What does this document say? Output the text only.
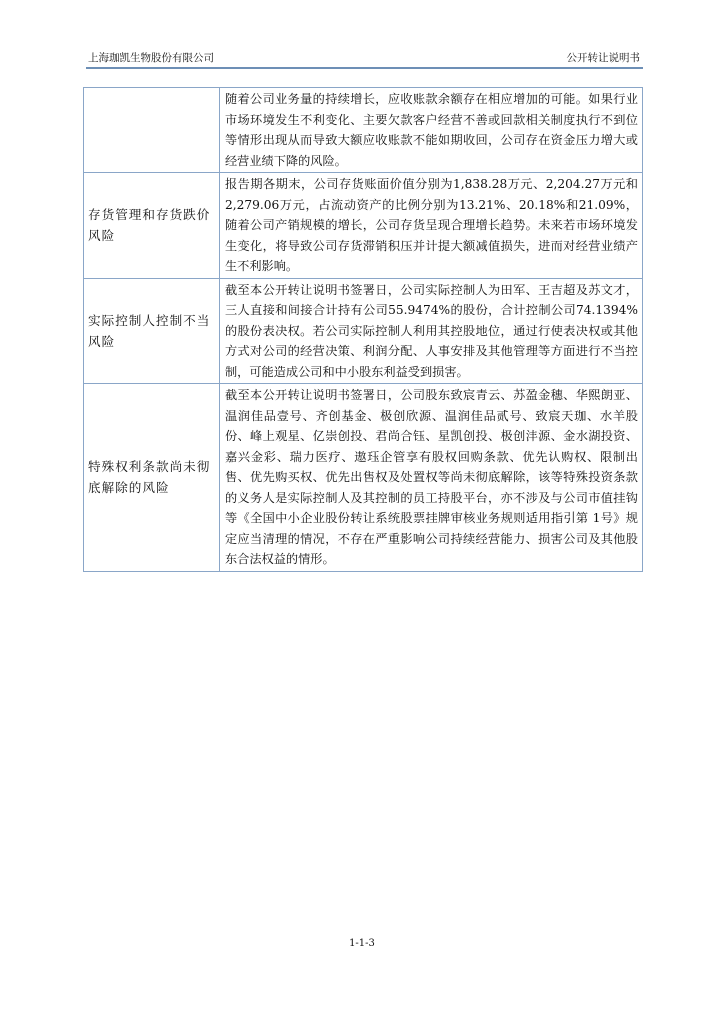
上海珈凯生物股份有限公司	公开转让说明书

	随着公司业务量的持续增长，应收账款余额存在相应增加的可能。如果行业市场环境发生不利变化、主要欠款客户经营不善或回款相关制度执行不到位等情形出现从而导致大额应收账款不能如期收回，公司存在资金压力增大或经营业绩下降的风险。

存货管理和存货跌价风险	报告期各期末，公司存货账面价值分别为1,838.28万元、2,204.27万元和2,279.06万元，占流动资产的比例分别为13.21%、20.18%和21.09%，随着公司产销规模的增长，公司存货呈现合理增长趋势。未来若市场环境发生变化，将导致公司存货滞销积压并计提大额减值损失，进而对经营业绩产生不利影响。

实际控制人控制不当风险	截至本公开转让说明书签署日，公司实际控制人为田军、王吉超及苏文才，三人直接和间接合计持有公司55.9474%的股份，合计控制公司74.1394%的股份表决权。若公司实际控制人利用其控股地位，通过行使表决权或其他方式对公司的经营决策、利润分配、人事安排及其他管理等方面进行不当控制，可能造成公司和中小股东利益受到损害。

特殊权利条款尚未彻底解除的风险	截至本公开转让说明书签署日，公司股东致宸青云、苏盈金穗、华熙朗亚、温润佳品壹号、齐创基金、极创欣源、温润佳品贰号、致宸天珈、水羊股份、峰上观星、亿崇创投、君尚合钰、星凯创投、极创沣源、金水湖投资、嘉兴金彩、瑞力医疗、遨珏企管享有股权回购条款、优先认购权、限制出售、优先购买权、优先出售权及处置权等尚未彻底解除，该等特殊投资条款的义务人是实际控制人及其控制的员工持股平台，亦不涉及与公司市值挂钩等《全国中小企业股份转让系统股票挂牌审核业务规则适用指引第 1号》规定应当清理的情况，不存在严重影响公司持续经营能力、损害公司及其他股东合法权益的情形。
1-1-3
